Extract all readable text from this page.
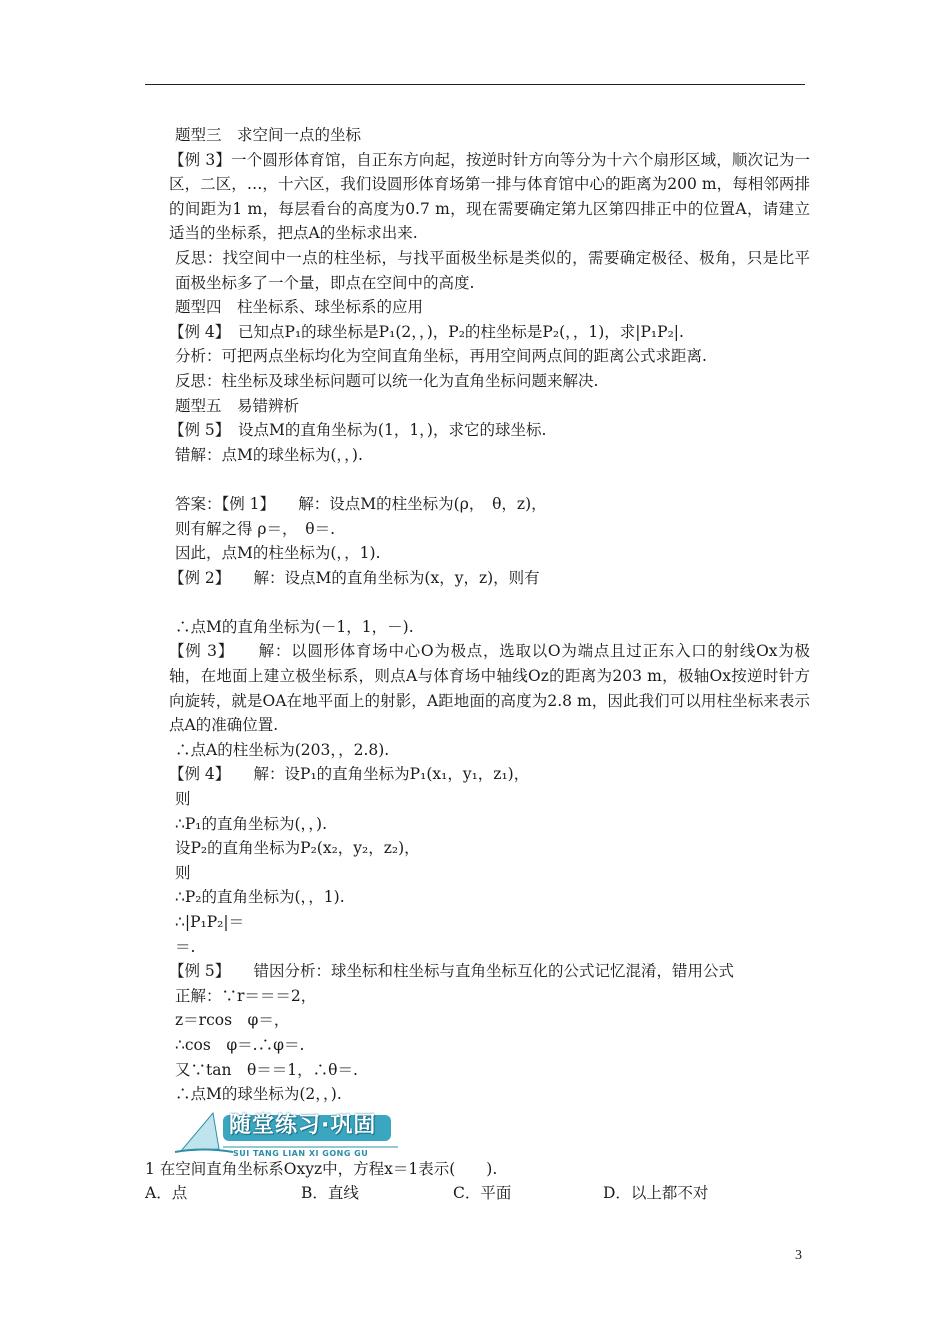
题型三　求空间一点的坐标

【例 3】一个圆形体育馆，自正东方向起，按逆时针方向等分为十六个扇形区域，顺次记为一区，二区，…，十六区，我们设圆形体育场第一排与体育馆中心的距离为200 m，每相邻两排的间距为1 m，每层看台的高度为0.7 m，现在需要确定第九区第四排正中的位置A，请建立适当的坐标系，把点A的坐标求出来.

反思：找空间中一点的柱坐标，与找平面极坐标是类似的，需要确定极径、极角，只是比平面极坐标多了一个量，即点在空间中的高度.

题型四　柱坐标系、球坐标系的应用

【例 4】　已知点P₁的球坐标是P₁(2，，)，P₂的柱坐标是P₂(，，1)，求|P₁P₂|.

分析：可把两点坐标均化为空间直角坐标，再用空间两点间的距离公式求距离.

反思：柱坐标及球坐标问题可以统一化为直角坐标问题来解决.

题型五　易错辨析

【例 5】　设点M的直角坐标为(1，1，)，求它的球坐标.

错解：点M的球坐标为(，，).

答案：【例 1】　　解：设点M的柱坐标为(ρ，　θ，z)，

则有解之得 ρ＝，　θ＝.

因此，点M的柱坐标为(，，1).

【例 2】　　解：设点M的直角坐标为(x，y，z)，则有

∴点M的直角坐标为(－1，1，－).

【例 3】　　解：以圆形体育场中心O为极点，选取以O为端点且过正东入口的射线Ox为极轴，在地面上建立极坐标系，则点A与体育场中轴线Oz的距离为203 m，极轴Ox按逆时针方向旋转，就是OA在地平面上的射影，A距地面的高度为2.8 m，因此我们可以用柱坐标来表示点A的准确位置.

∴点A的柱坐标为(203，，2.8).

【例 4】　　解：设P₁的直角坐标为P₁(x₁，y₁，z₁)，

则

∴P₁的直角坐标为(，，).

设P₂的直角坐标为P₂(x₂，y₂，z₂)，

则

∴P₂的直角坐标为(，，1).

∴|P₁P₂|＝

＝.

【例 5】　　错因分析：球坐标和柱坐标与直角坐标互化的公式记忆混淆，错用公式

正解：∵r＝＝＝2，

z＝rcos　φ＝，

∴cos　φ＝.∴φ＝.

又∵tan　θ＝＝1，∴θ＝.

∴点M的球坐标为(2，，).

随堂练习·巩固
SUI TANG LIAN XI GONG GU

1 在空间直角坐标系Oxyz中，方程x＝1表示(　　).

A．点	B．直线	C．平面	D．以上都不对
3
